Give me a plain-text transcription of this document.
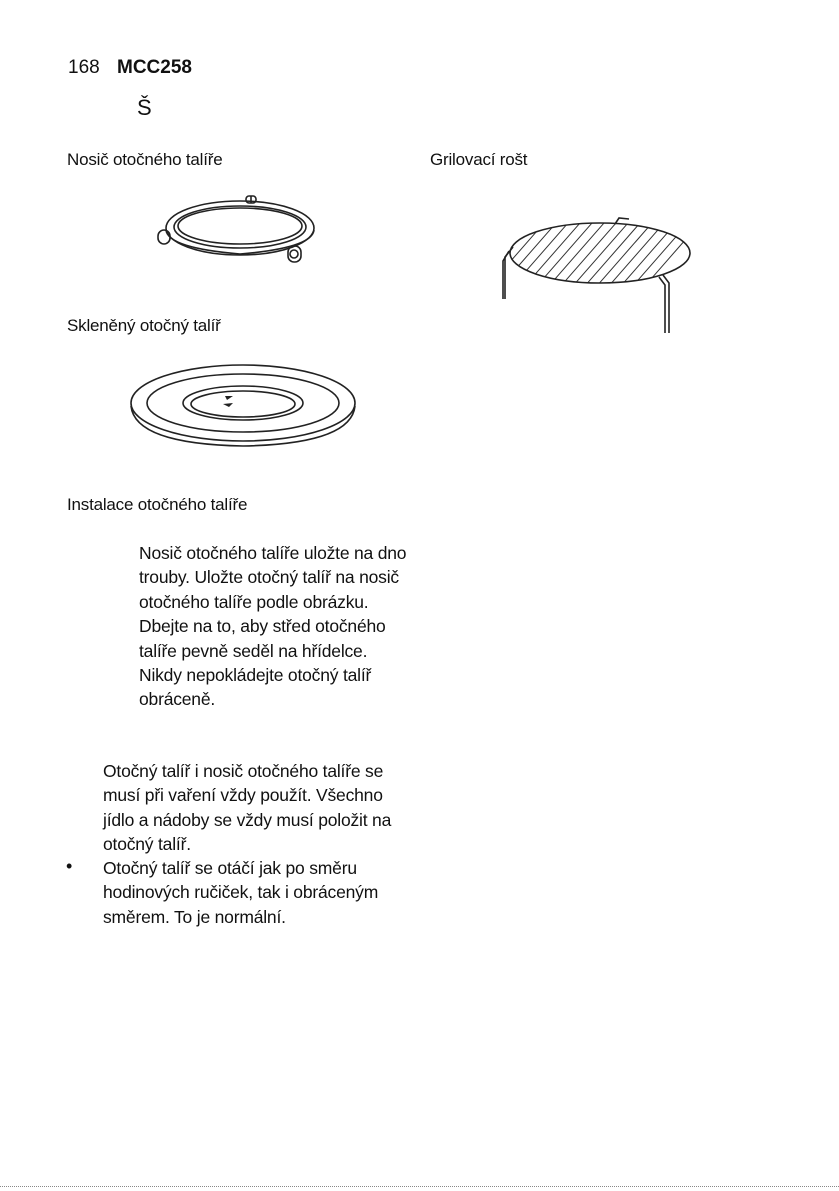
168 MCC258
Š
Nosič otočného talíře	Grilovací rošt
Skleněný otočný talíř
Instalace otočného talíře

Nosič otočného talíře uložte na dno trouby. Uložte otočný talíř na nosič otočného talíře podle obrázku. Dbejte na to, aby střed otočného talíře pevně seděl na hřídelce. Nikdy nepokládejte otočný talíř obráceně.

Otočný talíř i nosič otočného talíře se musí při vaření vždy použít. Všechno jídlo a nádoby se vždy musí položit na otočný talíř.

• Otočný talíř se otáčí jak po směru hodinových ručiček, tak i obráceným směrem. To je normální.
